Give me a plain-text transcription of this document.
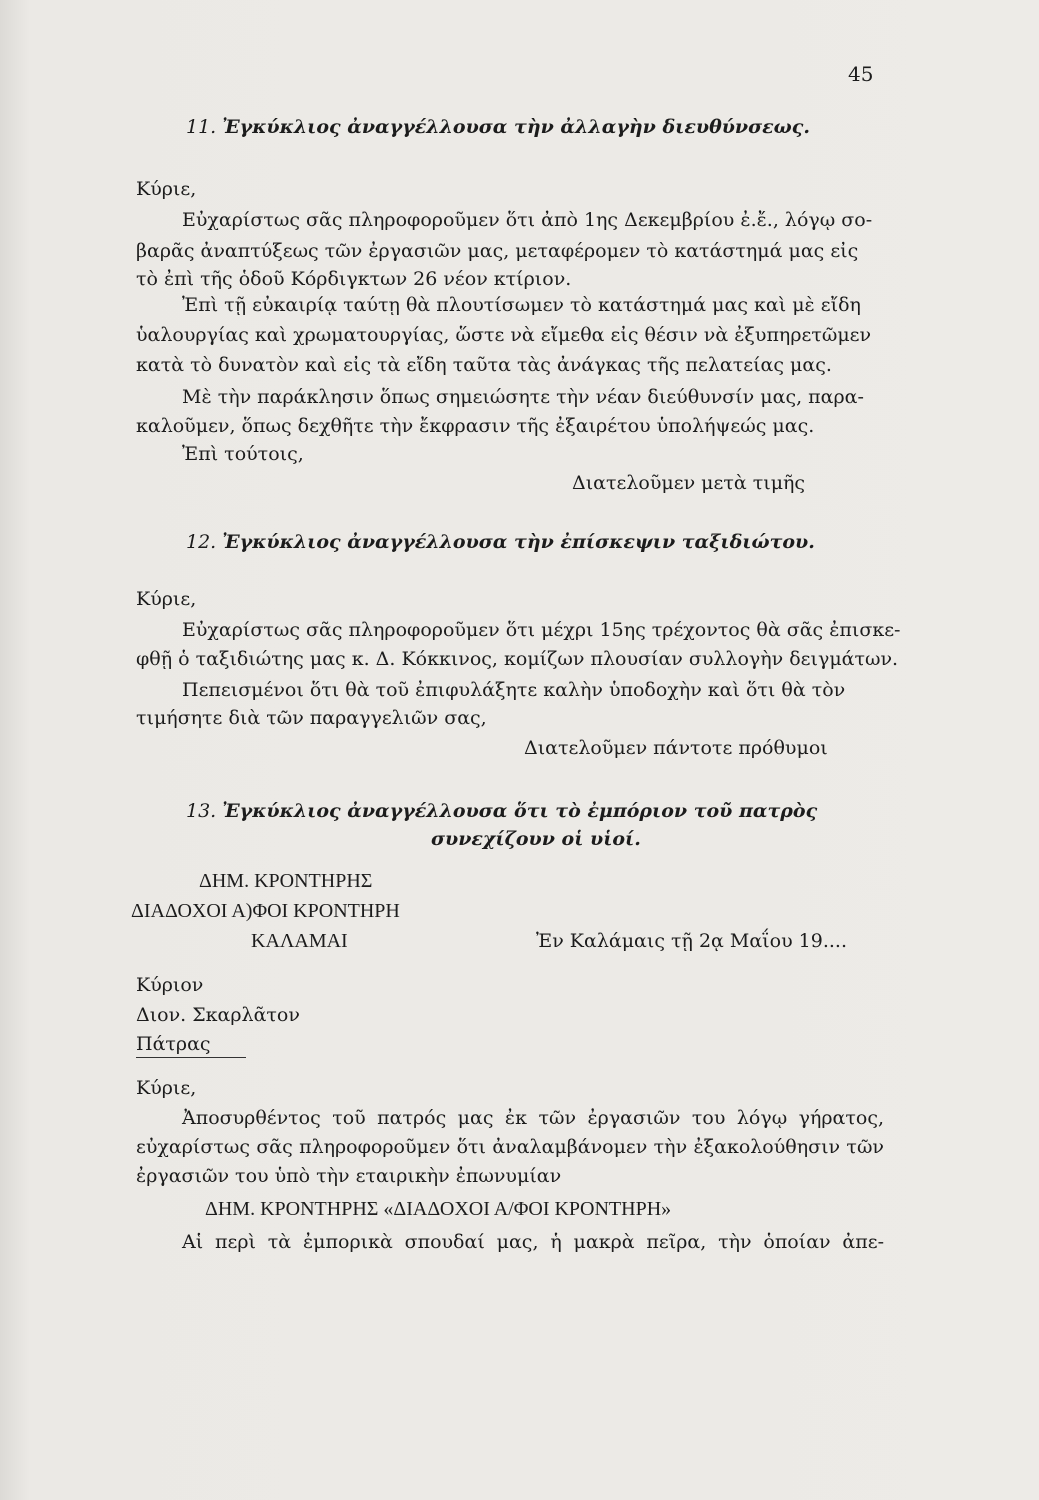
45
11. Ἐγκύκλιος ἀναγγέλλουσα τὴν ἀλλαγὴν διευθύνσεως.
Κύριε,
Εὐχαρίστως σᾶς πληροφοροῦμεν ὅτι ἀπὸ 1ης Δεκεμβρίου ἐ.ἔ., λόγῳ σο-
βαρᾶς ἀναπτύξεως τῶν ἐργασιῶν μας, μεταφέρομεν τὸ κατάστημά μας εἰς
τὸ ἐπὶ τῆς ὁδοῦ Κόρδιγκτων 26 νέον κτίριον.
Ἐπὶ τῇ εὐκαιρίᾳ ταύτῃ θὰ πλουτίσωμεν τὸ κατάστημά μας καὶ μὲ εἴδη
ὑαλουργίας καὶ χρωματουργίας, ὥστε νὰ εἴμεθα εἰς θέσιν νὰ ἐξυπηρετῶμεν
κατὰ τὸ δυνατὸν καὶ εἰς τὰ εἴδη ταῦτα τὰς ἀνάγκας τῆς πελατείας μας.
Μὲ τὴν παράκλησιν ὅπως σημειώσητε τὴν νέαν διεύθυνσίν μας, παρα-
καλοῦμεν, ὅπως δεχθῆτε τὴν ἔκφρασιν τῆς ἐξαιρέτου ὑπολήψεώς μας.
Ἐπὶ τούτοις,
Διατελοῦμεν μετὰ τιμῆς
12. Ἐγκύκλιος ἀναγγέλλουσα τὴν ἐπίσκεψιν ταξιδιώτου.
Κύριε,
Εὐχαρίστως σᾶς πληροφοροῦμεν ὅτι μέχρι 15ης τρέχοντος θὰ σᾶς ἐπισκε-
φθῇ ὁ ταξιδιώτης μας κ. Δ. Κόκκινος, κομίζων πλουσίαν συλλογὴν δειγμάτων.
Πεπεισμένοι ὅτι θὰ τοῦ ἐπιφυλάξητε καλὴν ὑποδοχὴν καὶ ὅτι θὰ τὸν
τιμήσητε διὰ τῶν παραγγελιῶν σας,
Διατελοῦμεν πάντοτε πρόθυμοι
13. Ἐγκύκλιος ἀναγγέλλουσα ὅτι τὸ ἐμπόριον τοῦ πατρὸς
συνεχίζουν οἱ υἱοί.
ΔΗΜ. ΚΡΟΝΤΗΡΗΣ
ΔΙΑΔΟΧΟΙ Α)ΦΟΙ ΚΡΟΝΤΗΡΗ
ΚΑΛΑΜΑΙ	Ἐν Καλάμαις τῇ 2ᾳ Μαΐου 19....
Κύριον
Διον. Σκαρλᾶτον
Πάτρας
Κύριε,
Ἀποσυρθέντος τοῦ πατρός μας ἐκ τῶν ἐργασιῶν του λόγῳ γήρατος,
εὐχαρίστως σᾶς πληροφοροῦμεν ὅτι ἀναλαμβάνομεν τὴν ἐξακολούθησιν τῶν
ἐργασιῶν του ὑπὸ τὴν εταιρικὴν ἐπωνυμίαν
ΔΗΜ. ΚΡΟΝΤΗΡΗΣ «ΔΙΑΔΟΧΟΙ Α/ΦΟΙ ΚΡΟΝΤΗΡΗ»
Αἱ περὶ τὰ ἐμπορικὰ σπουδαί μας, ἡ μακρὰ πεῖρα, τὴν ὁποίαν ἀπε-
